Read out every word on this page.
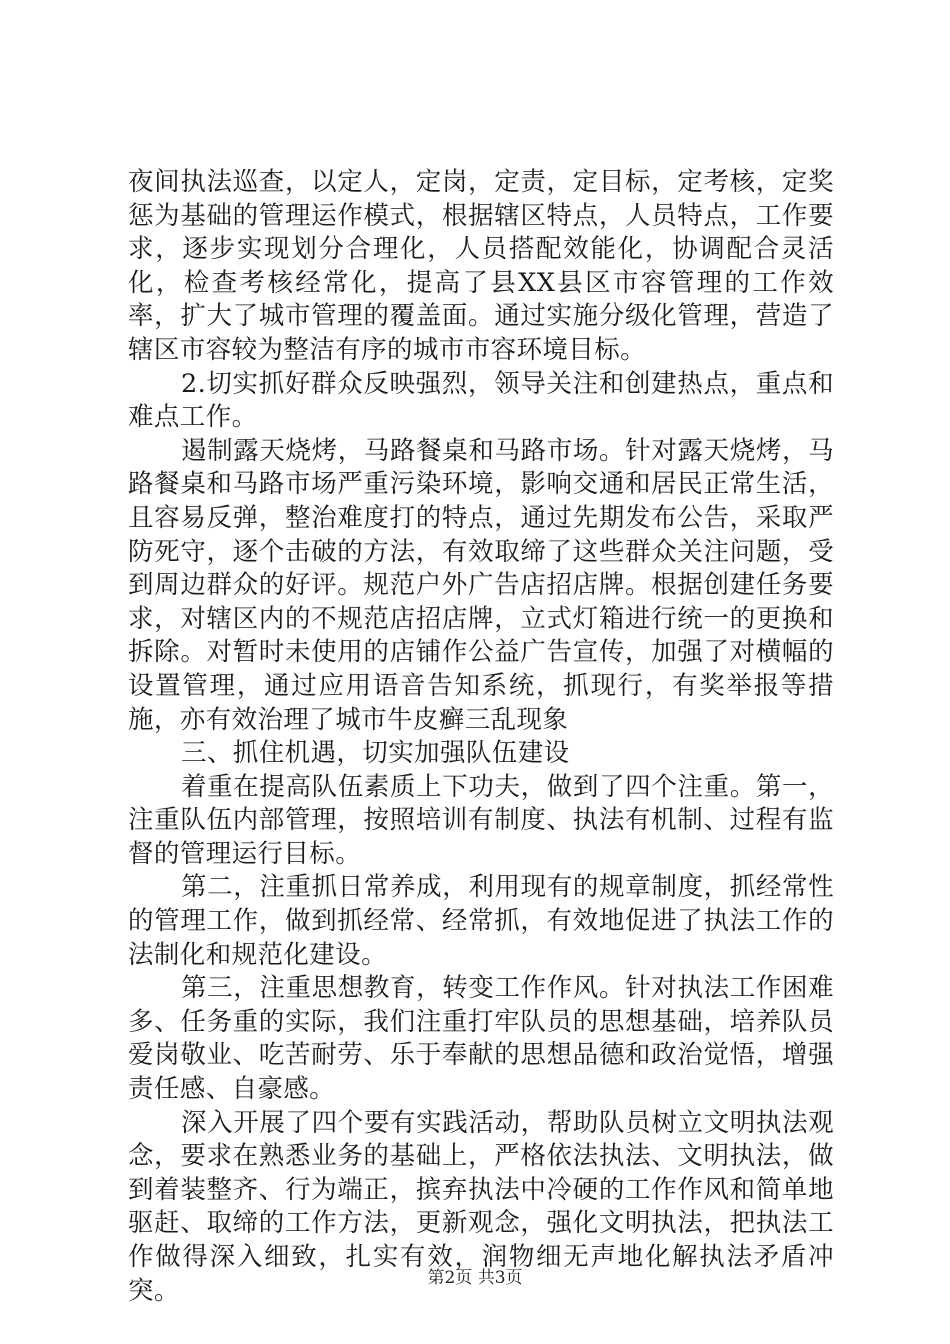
夜间执法巡查，以定人，定岗，定责，定目标，定考核，定奖惩为基础的管理运作模式，根据辖区特点，人员特点，工作要求，逐步实现划分合理化，人员搭配效能化，协调配合灵活化，检查考核经常化，提高了县XX县区市容管理的工作效率，扩大了城市管理的覆盖面。通过实施分级化管理，营造了辖区市容较为整洁有序的城市市容环境目标。

2.切实抓好群众反映强烈，领导关注和创建热点，重点和难点工作。

遏制露天烧烤，马路餐桌和马路市场。针对露天烧烤，马路餐桌和马路市场严重污染环境，影响交通和居民正常生活，且容易反弹，整治难度打的特点，通过先期发布公告，采取严防死守，逐个击破的方法，有效取缔了这些群众关注问题，受到周边群众的好评。规范户外广告店招店牌。根据创建任务要求，对辖区内的不规范店招店牌，立式灯箱进行统一的更换和拆除。对暂时未使用的店铺作公益广告宣传，加强了对横幅的设置管理，通过应用语音告知系统，抓现行，有奖举报等措施，亦有效治理了城市牛皮癣三乱现象

三、抓住机遇，切实加强队伍建设

着重在提高队伍素质上下功夫，做到了四个注重。第一，注重队伍内部管理，按照培训有制度、执法有机制、过程有监督的管理运行目标。

第二，注重抓日常养成，利用现有的规章制度，抓经常性的管理工作，做到抓经常、经常抓，有效地促进了执法工作的法制化和规范化建设。

第三，注重思想教育，转变工作作风。针对执法工作困难多、任务重的实际，我们注重打牢队员的思想基础，培养队员爱岗敬业、吃苦耐劳、乐于奉献的思想品德和政治觉悟，增强责任感、自豪感。

深入开展了四个要有实践活动，帮助队员树立文明执法观念，要求在熟悉业务的基础上，严格依法执法、文明执法，做到着装整齐、行为端正，摈弃执法中冷硬的工作作风和简单地驱赶、取缔的工作方法，更新观念，强化文明执法，把执法工作做得深入细致，扎实有效，润物细无声地化解执法矛盾冲突。	第2页 共3页
